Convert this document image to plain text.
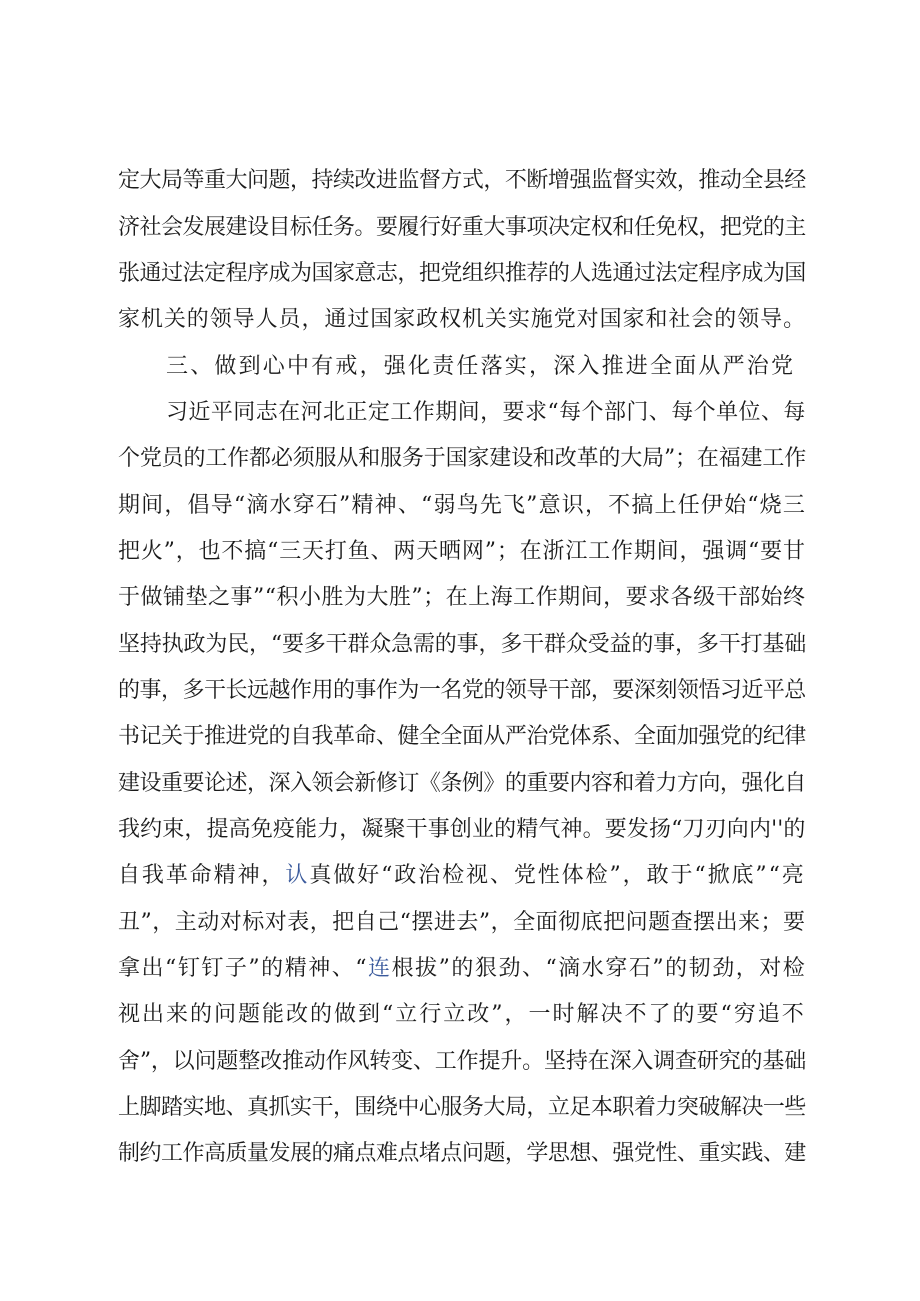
定大局等重大问题，持续改进监督方式，不断增强监督实效，推动全县经
济社会发展建设目标任务。要履行好重大事项决定权和任免权，把党的主
张通过法定程序成为国家意志，把党组织推荐的人选通过法定程序成为国
家机关的领导人员，通过国家政权机关实施党对国家和社会的领导。
三、做到心中有戒，强化责任落实，深入推进全面从严治党
习近平同志在河北正定工作期间，要求“每个部门、每个单位、每
个党员的工作都必须服从和服务于国家建设和改革的大局”；在福建工作
期间，倡导“滴水穿石”精神、“弱鸟先飞”意识，不搞上任伊始“烧三
把火”，也不搞“三天打鱼、两天晒网”；在浙江工作期间，强调“要甘
于做铺垫之事”“积小胜为大胜”；在上海工作期间，要求各级干部始终
坚持执政为民，“要多干群众急需的事，多干群众受益的事，多干打基础
的事，多干长远越作用的事作为一名党的领导干部，要深刻领悟习近平总
书记关于推进党的自我革命、健全全面从严治党体系、全面加强党的纪律
建设重要论述，深入领会新修订《条例》的重要内容和着力方向，强化自
我约束，提高免疫能力，凝聚干事创业的精气神。要发扬“刀刃向内''的
自我革命精神，认真做好“政治检视、党性体检”，敢于“掀底”“亮
丑”，主动对标对表，把自己“摆进去”，全面彻底把问题查摆出来；要
拿出“钉钉子”的精神、“连根拔”的狠劲、“滴水穿石”的韧劲，对检
视出来的问题能改的做到“立行立改”，一时解决不了的要“穷追不
舍”，以问题整改推动作风转变、工作提升。坚持在深入调查研究的基础
上脚踏实地、真抓实干，围绕中心服务大局，立足本职着力突破解决一些
制约工作高质量发展的痛点难点堵点问题，学思想、强党性、重实践、建
